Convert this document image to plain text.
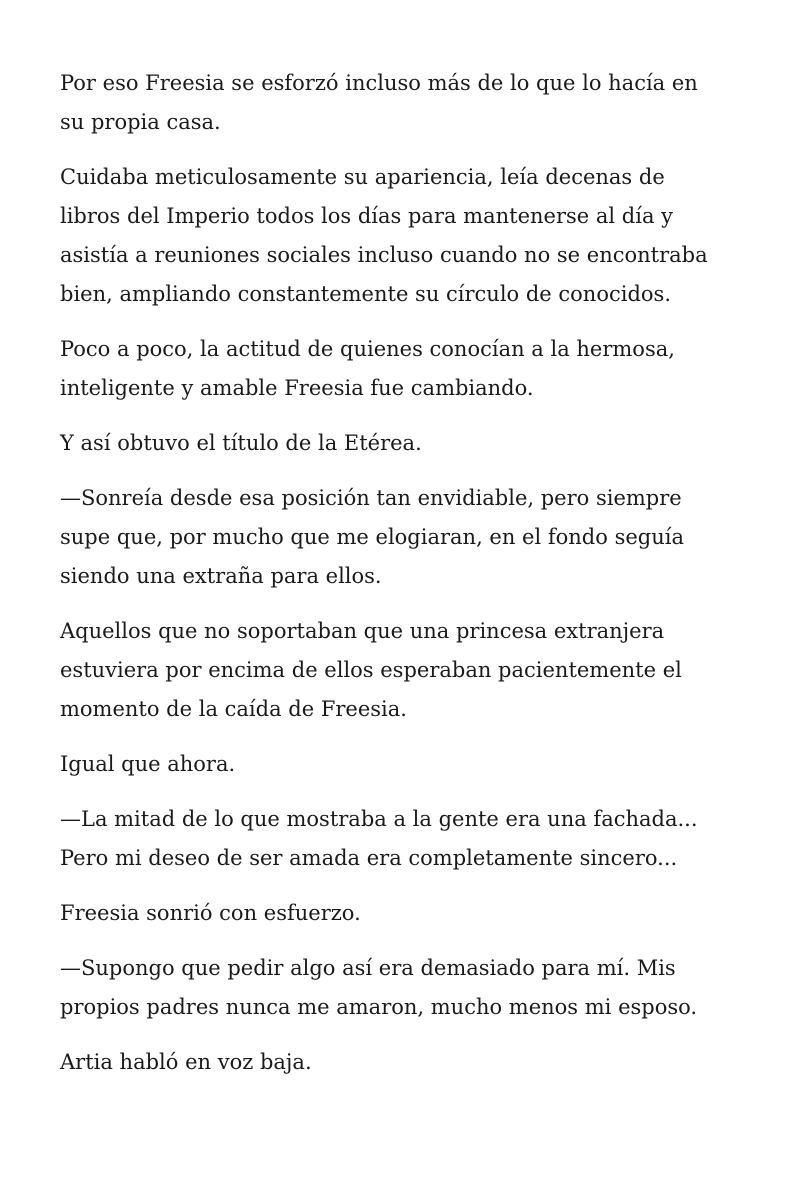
Por eso Freesia se esforzó incluso más de lo que lo hacía en
su propia casa.

Cuidaba meticulosamente su apariencia, leía decenas de
libros del Imperio todos los días para mantenerse al día y
asistía a reuniones sociales incluso cuando no se encontraba
bien, ampliando constantemente su círculo de conocidos.

Poco a poco, la actitud de quienes conocían a la hermosa,
inteligente y amable Freesia fue cambiando.

Y así obtuvo el título de la Etérea.

—Sonreía desde esa posición tan envidiable, pero siempre
supe que, por mucho que me elogiaran, en el fondo seguía
siendo una extraña para ellos.

Aquellos que no soportaban que una princesa extranjera
estuviera por encima de ellos esperaban pacientemente el
momento de la caída de Freesia.

Igual que ahora.

—La mitad de lo que mostraba a la gente era una fachada...
Pero mi deseo de ser amada era completamente sincero...

Freesia sonrió con esfuerzo.

—Supongo que pedir algo así era demasiado para mí. Mis
propios padres nunca me amaron, mucho menos mi esposo.

Artia habló en voz baja.
